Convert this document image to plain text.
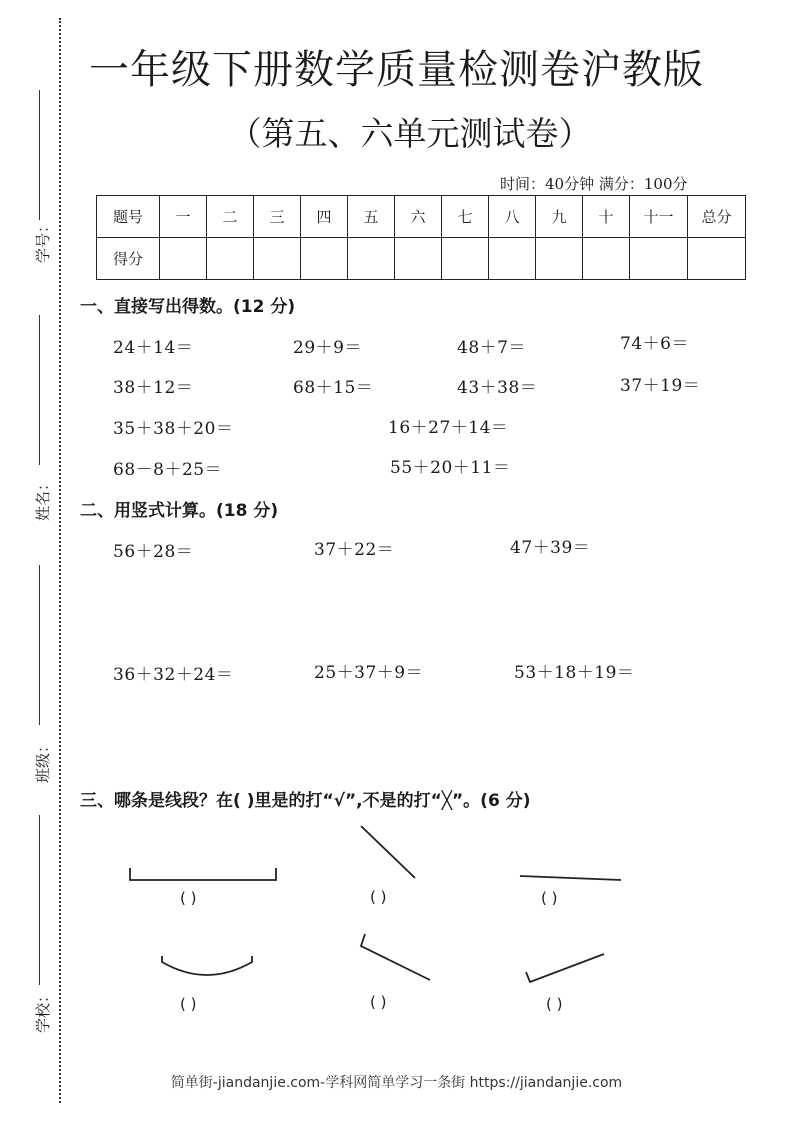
学号：
姓名：
班级：
学校：
一年级下册数学质量检测卷沪教版
（第五、六单元测试卷）
时间：40分钟 满分：100分
题号	一	二	三	四	五	六	七	八	九	十	十一	总分
得分												
一、直接写出得数。(12 分)
24＋14＝	29＋9＝	48＋7＝	74＋6＝
38＋12＝	68＋15＝	43＋38＝	37＋19＝
35＋38＋20＝	16＋27＋14＝
68－8＋25＝	55＋20＋11＝
二、用竖式计算。(18 分)
56＋28＝	37＋22＝	47＋39＝
36＋32＋24＝	25＋37＋9＝	53＋18＋19＝
三、哪条是线段？在( )里是的打“√”,不是的打“╳”。(6 分)
( )	( )	( )
( )	( )	( )
简单街-jiandanjie.com-学科网简单学习一条街 https://jiandanjie.com
